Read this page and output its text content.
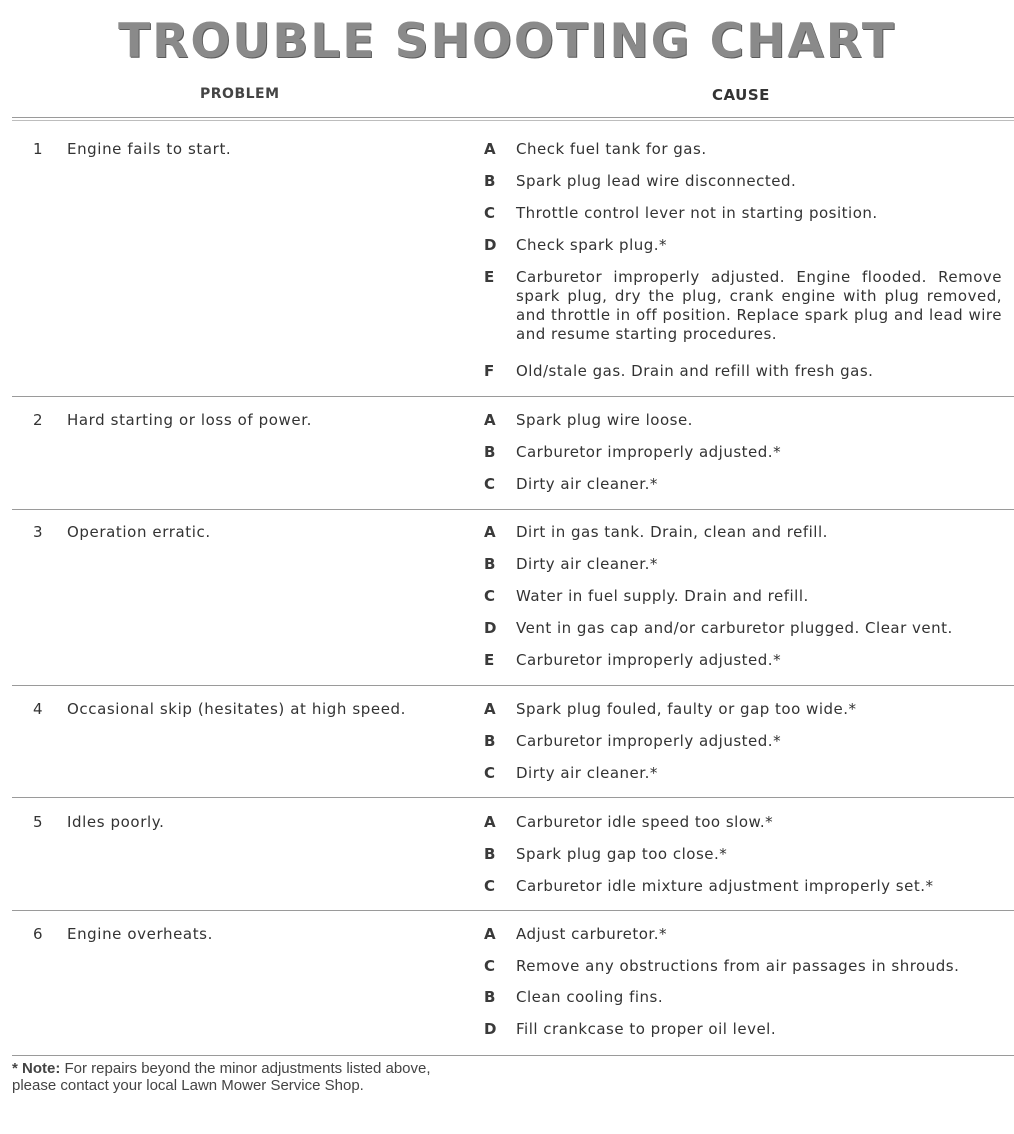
TROUBLE SHOOTING CHART
PROBLEM	CAUSE
1 Engine fails to start.	A Check fuel tank for gas.
B Spark plug lead wire disconnected.
C Throttle control lever not in starting position.
D Check spark plug.*
E Carburetor improperly adjusted. Engine flooded. Remove spark plug, dry the plug, crank engine with plug removed, and throttle in off position. Replace spark plug and lead wire and resume starting procedures.
F Old/stale gas. Drain and refill with fresh gas.
2 Hard starting or loss of power.	A Spark plug wire loose.
B Carburetor improperly adjusted.*
C Dirty air cleaner.*
3 Operation erratic.	A Dirt in gas tank. Drain, clean and refill.
B Dirty air cleaner.*
C Water in fuel supply. Drain and refill.
D Vent in gas cap and/or carburetor plugged. Clear vent.
E Carburetor improperly adjusted.*
4 Occasional skip (hesitates) at high speed.	A Spark plug fouled, faulty or gap too wide.*
B Carburetor improperly adjusted.*
C Dirty air cleaner.*
5 Idles poorly.	A Carburetor idle speed too slow.*
B Spark plug gap too close.*
C Carburetor idle mixture adjustment improperly set.*
6 Engine overheats.	A Adjust carburetor.*
C Remove any obstructions from air passages in shrouds.
B Clean cooling fins.
D Fill crankcase to proper oil level.
* Note: For repairs beyond the minor adjustments listed above, please contact your local Lawn Mower Service Shop.
